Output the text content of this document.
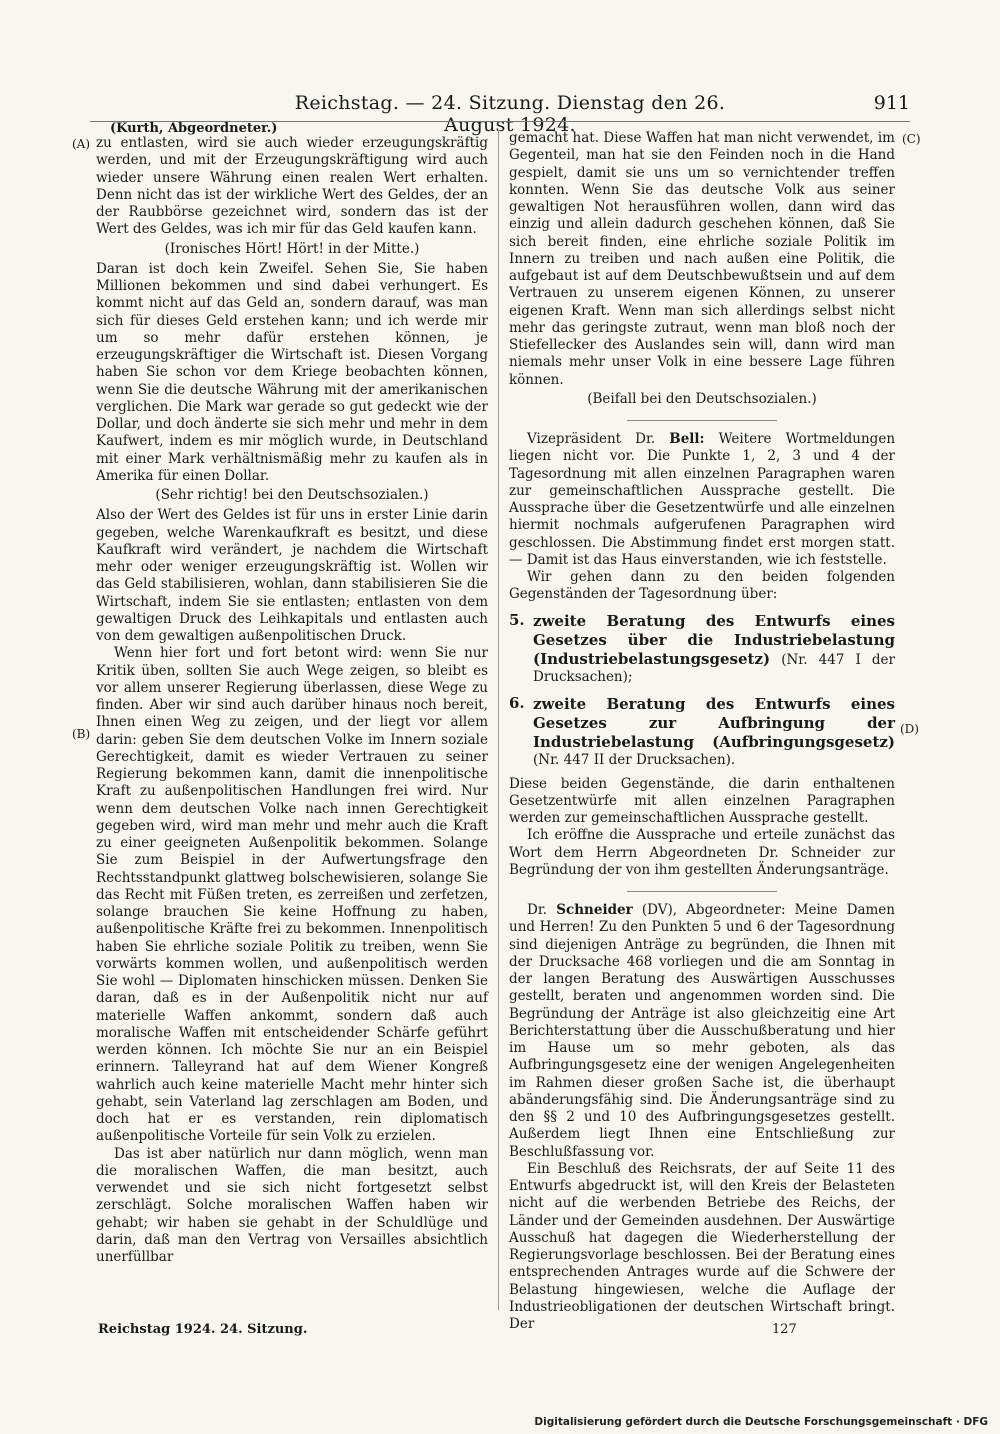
Reichstag. — 24. Sitzung. Dienstag den 26. August 1924.
911
(Kurth, Abgeordneter.)
(A)
(B)
(C)
(D)

zu entlasten, wird sie auch wieder erzeugungskräftig werden, und mit der Erzeugungskräftigung wird auch wieder unsere Währung einen realen Wert erhalten. Denn nicht das ist der wirkliche Wert des Geldes, der an der Raubbörse gezeichnet wird, sondern das ist der Wert des Geldes, was ich mir für das Geld kaufen kann.

(Ironisches Hört! Hört! in der Mitte.)

Daran ist doch kein Zweifel. Sehen Sie, Sie haben Millionen bekommen und sind dabei verhungert. Es kommt nicht auf das Geld an, sondern darauf, was man sich für dieses Geld erstehen kann; und ich werde mir um so mehr dafür erstehen können, je erzeugungskräftiger die Wirtschaft ist. Diesen Vorgang haben Sie schon vor dem Kriege beobachten können, wenn Sie die deutsche Währung mit der amerikanischen verglichen. Die Mark war gerade so gut gedeckt wie der Dollar, und doch änderte sie sich mehr und mehr in dem Kaufwert, indem es mir möglich wurde, in Deutschland mit einer Mark verhältnismäßig mehr zu kaufen als in Amerika für einen Dollar.

(Sehr richtig! bei den Deutschsozialen.)

Also der Wert des Geldes ist für uns in erster Linie darin gegeben, welche Warenkaufkraft es besitzt, und diese Kaufkraft wird verändert, je nachdem die Wirtschaft mehr oder weniger erzeugungskräftig ist. Wollen wir das Geld stabilisieren, wohlan, dann stabilisieren Sie die Wirtschaft, indem Sie sie entlasten; entlasten von dem gewaltigen Druck des Leihkapitals und entlasten auch von dem gewaltigen außenpolitischen Druck.

Wenn hier fort und fort betont wird: wenn Sie nur Kritik üben, sollten Sie auch Wege zeigen, so bleibt es vor allem unserer Regierung überlassen, diese Wege zu finden. Aber wir sind auch darüber hinaus noch bereit, Ihnen einen Weg zu zeigen, und der liegt vor allem darin: geben Sie dem deutschen Volke im Innern soziale Gerechtigkeit, damit es wieder Vertrauen zu seiner Regierung bekommen kann, damit die innenpolitische Kraft zu außenpolitischen Handlungen frei wird. Nur wenn dem deutschen Volke nach innen Gerechtigkeit gegeben wird, wird man mehr und mehr auch die Kraft zu einer geeigneten Außenpolitik bekommen. Solange Sie zum Beispiel in der Aufwertungsfrage den Rechtsstandpunkt glattweg bolschewisieren, solange Sie das Recht mit Füßen treten, es zerreißen und zerfetzen, solange brauchen Sie keine Hoffnung zu haben, außenpolitische Kräfte frei zu bekommen. Innenpolitisch haben Sie ehrliche soziale Politik zu treiben, wenn Sie vorwärts kommen wollen, und außenpolitisch werden Sie wohl — Diplomaten hinschicken müssen. Denken Sie daran, daß es in der Außenpolitik nicht nur auf materielle Waffen ankommt, sondern daß auch moralische Waffen mit entscheidender Schärfe geführt werden können. Ich möchte Sie nur an ein Beispiel erinnern. Talleyrand hat auf dem Wiener Kongreß wahrlich auch keine materielle Macht mehr hinter sich gehabt, sein Vaterland lag zerschlagen am Boden, und doch hat er es verstanden, rein diplomatisch außenpolitische Vorteile für sein Volk zu erzielen.

Das ist aber natürlich nur dann möglich, wenn man die moralischen Waffen, die man besitzt, auch verwendet und sie sich nicht fortgesetzt selbst zerschlägt. Solche moralischen Waffen haben wir gehabt; wir haben sie gehabt in der Schuldlüge und darin, daß man den Vertrag von Versailles absichtlich unerfüllbar

gemacht hat. Diese Waffen hat man nicht verwendet, im Gegenteil, man hat sie den Feinden noch in die Hand gespielt, damit sie uns um so vernichtender treffen konnten. Wenn Sie das deutsche Volk aus seiner gewaltigen Not herausführen wollen, dann wird das einzig und allein dadurch geschehen können, daß Sie sich bereit finden, eine ehrliche soziale Politik im Innern zu treiben und nach außen eine Politik, die aufgebaut ist auf dem Deutschbewußtsein und auf dem Vertrauen zu unserem eigenen Können, zu unserer eigenen Kraft. Wenn man sich allerdings selbst nicht mehr das geringste zutraut, wenn man bloß noch der Stiefellecker des Auslandes sein will, dann wird man niemals mehr unser Volk in eine bessere Lage führen können.

(Beifall bei den Deutschsozialen.)

Vizepräsident Dr. Bell: Weitere Wortmeldungen liegen nicht vor. Die Punkte 1, 2, 3 und 4 der Tagesordnung mit allen einzelnen Paragraphen waren zur gemeinschaftlichen Aussprache gestellt. Die Aussprache über die Gesetzentwürfe und alle einzelnen hiermit nochmals aufgerufenen Paragraphen wird geschlossen. Die Abstimmung findet erst morgen statt. — Damit ist das Haus einverstanden, wie ich feststelle.

Wir gehen dann zu den beiden folgenden Gegenständen der Tagesordnung über:

5. zweite Beratung des Entwurfs eines Gesetzes über die Industriebelastung (Industriebelastungsgesetz) (Nr. 447 I der Drucksachen);
6. zweite Beratung des Entwurfs eines Gesetzes zur Aufbringung der Industriebelastung (Aufbringungsgesetz) (Nr. 447 II der Drucksachen).

Diese beiden Gegenstände, die darin enthaltenen Gesetzentwürfe mit allen einzelnen Paragraphen werden zur gemeinschaftlichen Aussprache gestellt.

Ich eröffne die Aussprache und erteile zunächst das Wort dem Herrn Abgeordneten Dr. Schneider zur Begründung der von ihm gestellten Änderungsanträge.

Dr. Schneider (DV), Abgeordneter: Meine Damen und Herren! Zu den Punkten 5 und 6 der Tagesordnung sind diejenigen Anträge zu begründen, die Ihnen mit der Drucksache 468 vorliegen und die am Sonntag in der langen Beratung des Auswärtigen Ausschusses gestellt, beraten und angenommen worden sind. Die Begründung der Anträge ist also gleichzeitig eine Art Berichterstattung über die Ausschußberatung und hier im Hause um so mehr geboten, als das Aufbringungsgesetz eine der wenigen Angelegenheiten im Rahmen dieser großen Sache ist, die überhaupt abänderungsfähig sind. Die Änderungsanträge sind zu den §§ 2 und 10 des Aufbringungsgesetzes gestellt. Außerdem liegt Ihnen eine Entschließung zur Beschlußfassung vor.

Ein Beschluß des Reichsrats, der auf Seite 11 des Entwurfs abgedruckt ist, will den Kreis der Belasteten nicht auf die werbenden Betriebe des Reichs, der Länder und der Gemeinden ausdehnen. Der Auswärtige Ausschuß hat dagegen die Wiederherstellung der Regierungsvorlage beschlossen. Bei der Beratung eines entsprechenden Antrages wurde auf die Schwere der Belastung hingewiesen, welche die Auflage der Industrieobligationen der deutschen Wirtschaft bringt. Der

Reichstag 1924. 24. Sitzung.	127
Digitalisierung gefördert durch die Deutsche Forschungsgemeinschaft · DFG
